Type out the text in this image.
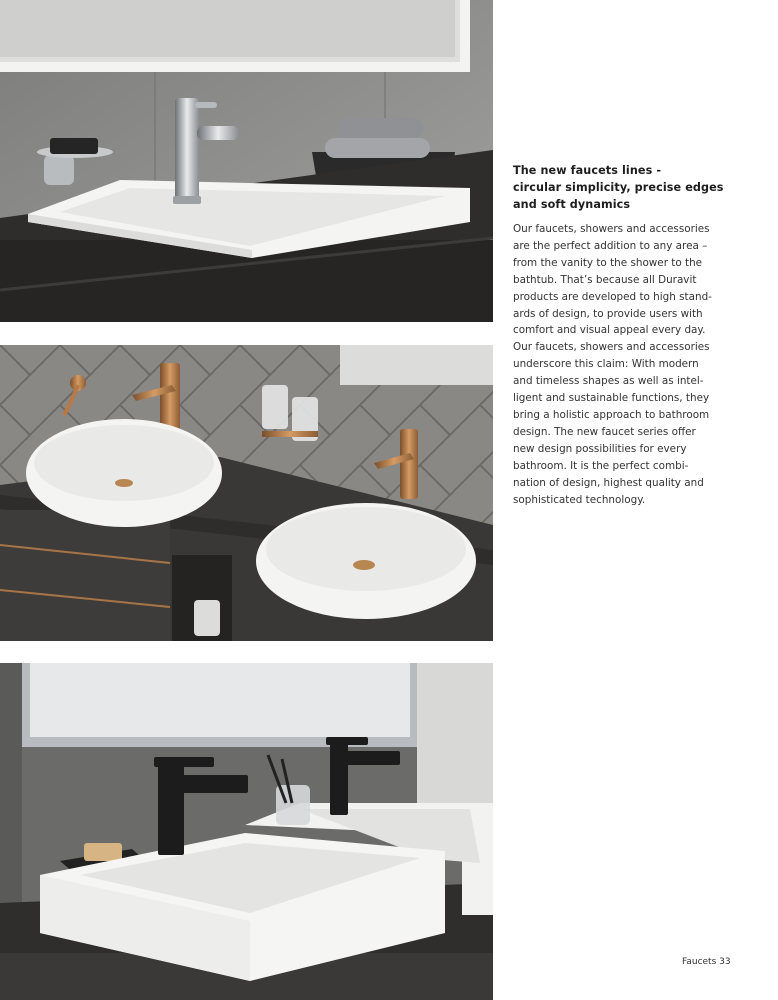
The new faucets lines -
circular simplicity, precise edges
and soft dynamics
Our faucets, showers and accessories
are the perfect addition to any area –
from the vanity to the shower to the
bathtub. That’s because all Duravit
products are developed to high stand-
ards of design, to provide users with
comfort and visual appeal every day.
Our faucets, showers and accessories
underscore this claim: With modern
and timeless shapes as well as intel-
ligent and sustainable functions, they
bring a holistic approach to bathroom
design. The new faucet series offer
new design possibilities for every
bathroom. It is the perfect combi-
nation of design, highest quality and
sophisticated technology.
Faucets 33
